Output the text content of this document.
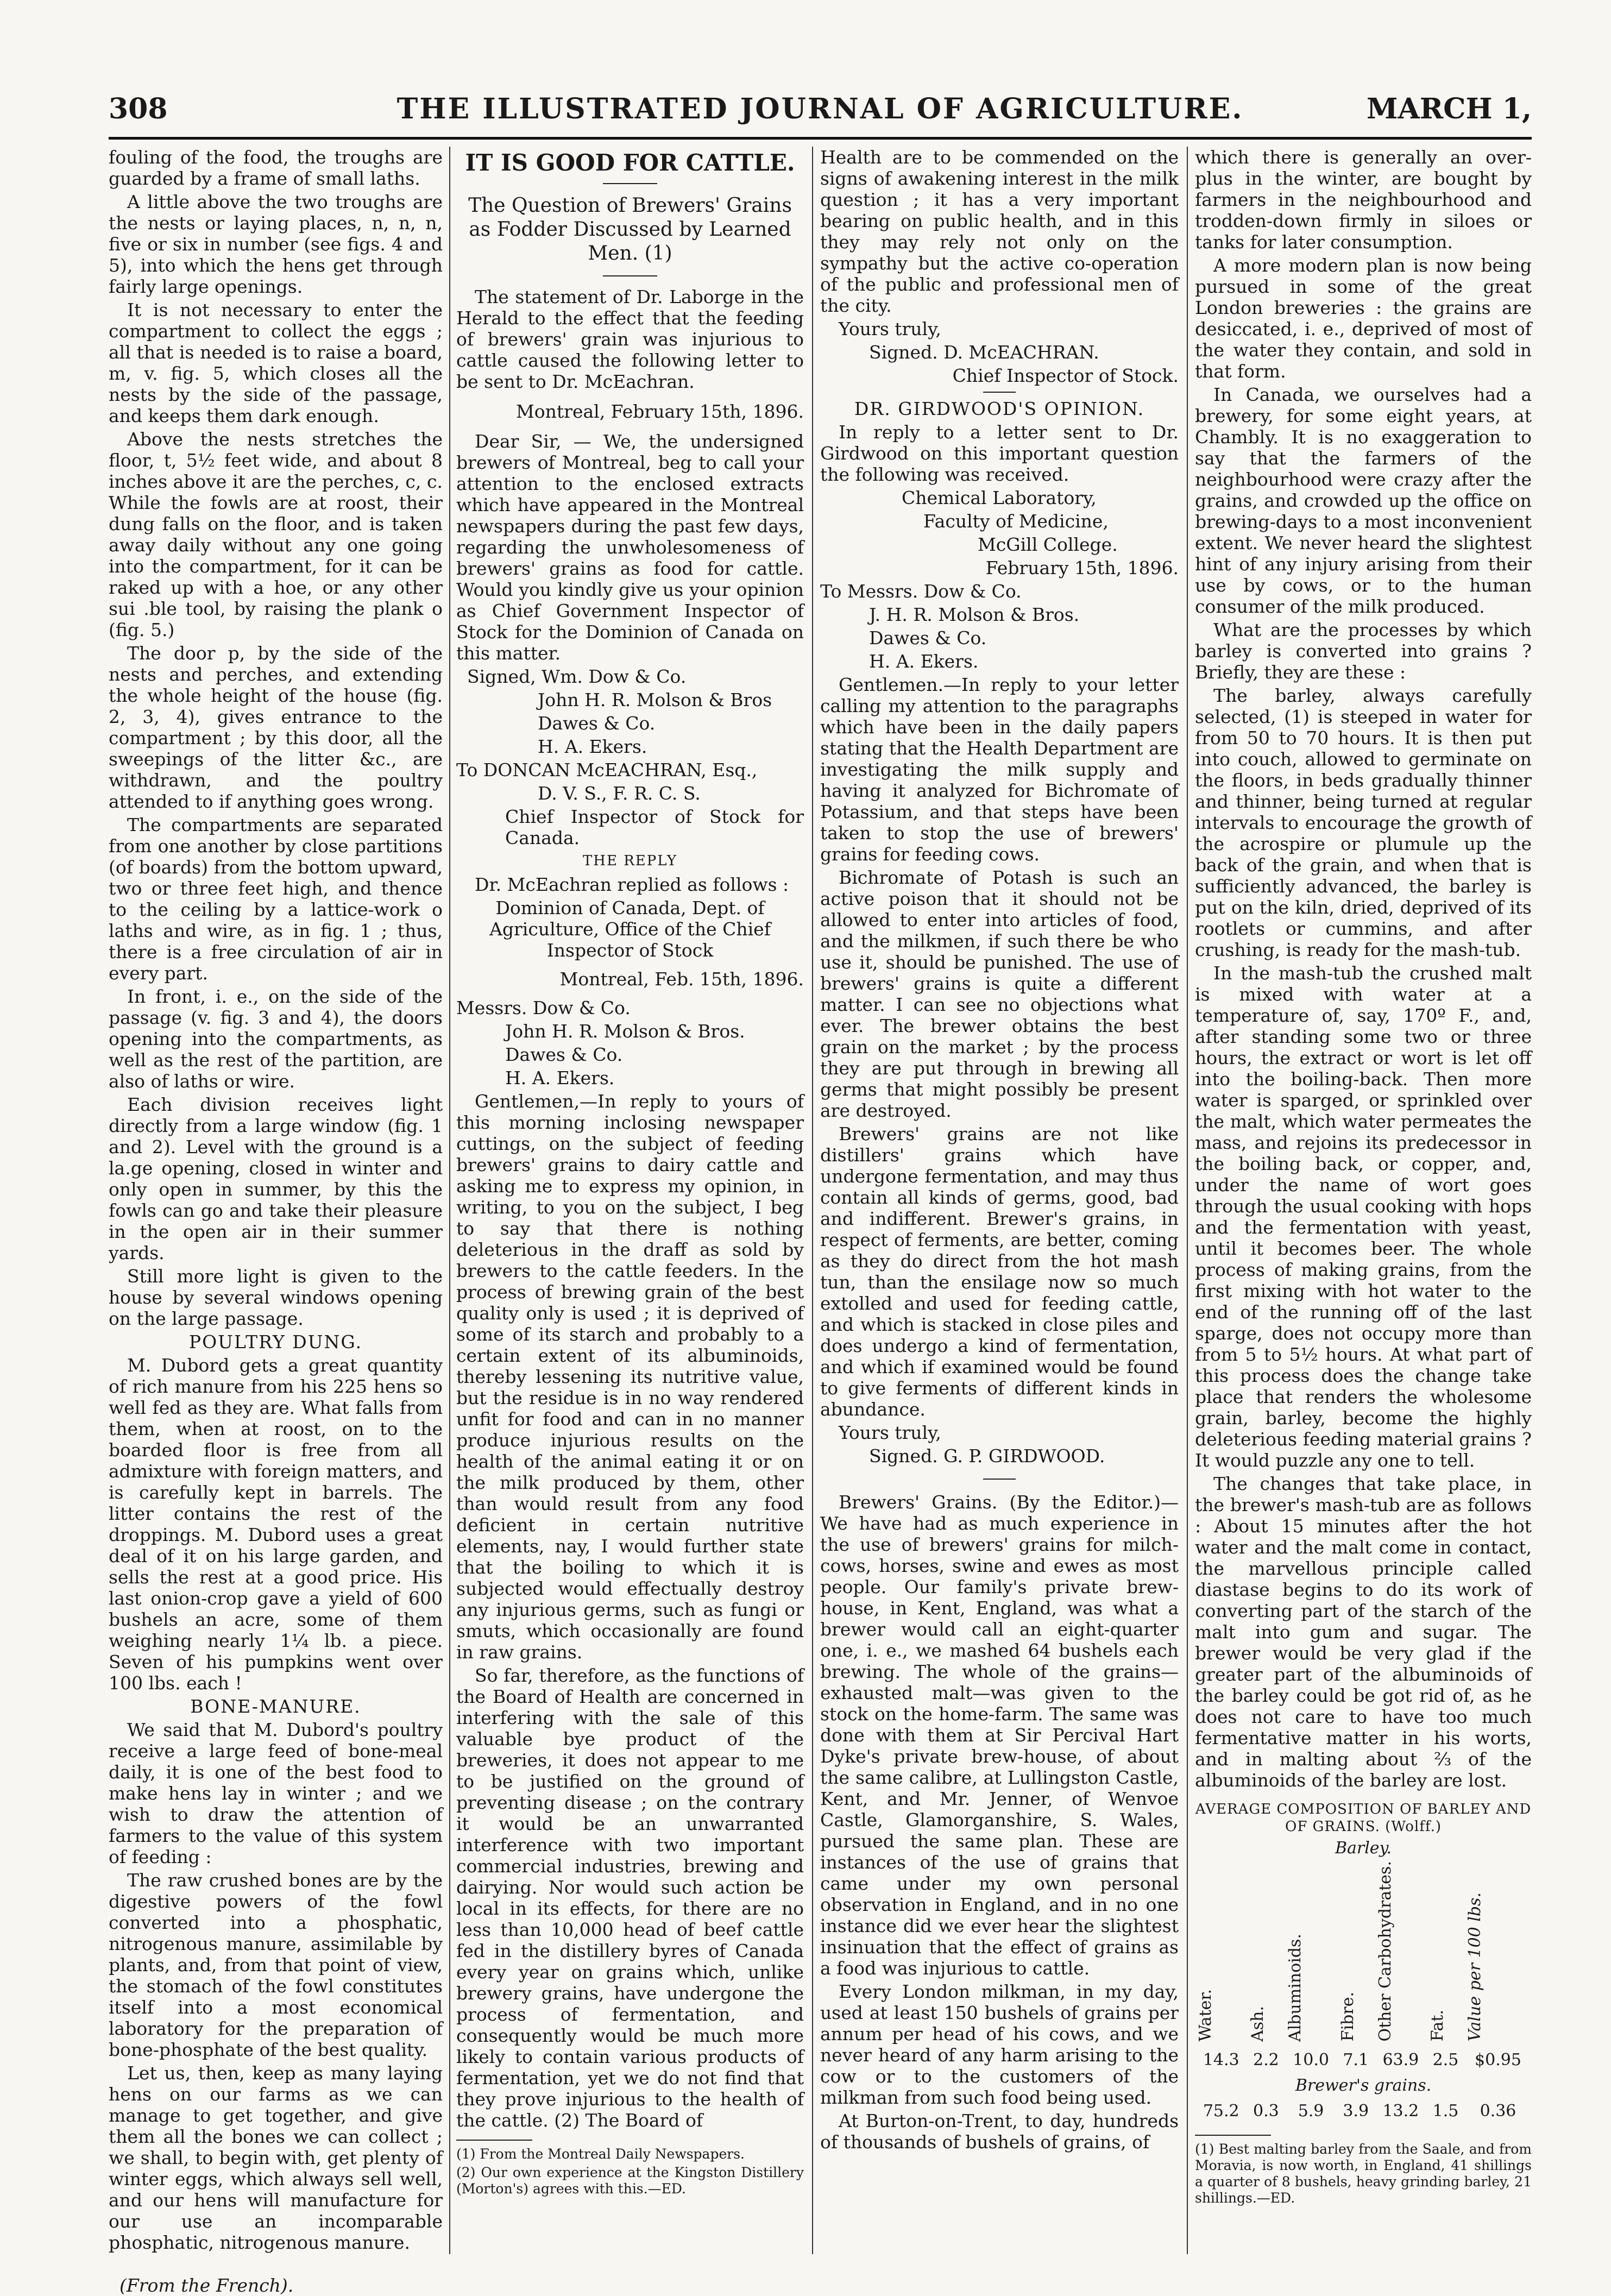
308	THE ILLUSTRATED JOURNAL OF AGRICULTURE.	MARCH 1,

fouling of the food, the troughs are guarded by a frame of small laths.

A little above the two troughs are the nests or laying places, n, n, n, five or six in number (see figs. 4 and 5), into which the hens get through fairly large openings.

It is not necessary to enter the compartment to collect the eggs ; all that is needed is to raise a board, m, v. fig. 5, which closes all the nests by the side of the passage, and keeps them dark enough.

Above the nests stretches the floor, t, 5½ feet wide, and about 8 inches above it are the perches, c, c. While the fowls are at roost, their dung falls on the floor, and is taken away daily without any one going into the compartment, for it can be raked up with a hoe, or any other sui .ble tool, by raising the plank o (fig. 5.)

The door p, by the side of the nests and perches, and extending the whole height of the house (fig. 2, 3, 4), gives entrance to the compartment ; by this door, all the sweepings of the litter &c., are withdrawn, and the poultry attended to if anything goes wrong.

The compartments are separated from one another by close partitions (of boards) from the bottom upward, two or three feet high, and thence to the ceiling by a lattice-work o laths and wire, as in fig. 1 ; thus, there is a free circulation of air in every part.

In front, i. e., on the side of the passage (v. fig. 3 and 4), the doors opening into the compartments, as well as the rest of the partition, are also of laths or wire.

Each division receives light directly from a large window (fig. 1 and 2). Level with the ground is a la.ge opening, closed in winter and only open in summer, by this the fowls can go and take their pleasure in the open air in their summer yards.

Still more light is given to the house by several windows opening on the large passage.

POULTRY DUNG.

M. Dubord gets a great quantity of rich manure from his 225 hens so well fed as they are. What falls from them, when at roost, on to the boarded floor is free from all admixture with foreign matters, and is carefully kept in barrels. The litter contains the rest of the droppings. M. Dubord uses a great deal of it on his large garden, and sells the rest at a good price. His last onion-crop gave a yield of 600 bushels an acre, some of them weighing nearly 1¼ lb. a piece. Seven of his pumpkins went over 100 lbs. each !

BONE-MANURE.

We said that M. Dubord's poultry receive a large feed of bone-meal daily, it is one of the best food to make hens lay in winter ; and we wish to draw the attention of farmers to the value of this system of feeding :

The raw crushed bones are by the digestive powers of the fowl converted into a phosphatic, nitrogenous manure, assimilable by plants, and, from that point of view, the stomach of the fowl constitutes itself into a most economical laboratory for the preparation of bone-phosphate of the best quality.

Let us, then, keep as many laying hens on our farms as we can manage to get together, and give them all the bones we can collect ; we shall, to begin with, get plenty of winter eggs, which always sell well, and our hens will manufacture for our use an incomparable phosphatic, nitrogenous manure.

(From the French).

IT IS GOOD FOR CATTLE.

The Question of Brewers' Grains as Fodder Discussed by Learned Men. (1)

The statement of Dr. Laborge in the Herald to the effect that the feeding of brewers' grain was injurious to cattle caused the following letter to be sent to Dr. McEachran.

Montreal, February 15th, 1896.

Dear Sir, — We, the undersigned brewers of Montreal, beg to call your attention to the enclosed extracts which have appeared in the Montreal newspapers during the past few days, regarding the unwholesomeness of brewers' grains as food for cattle. Would you kindly give us your opinion as Chief Government Inspector of Stock for the Dominion of Canada on this matter.

Signed, Wm. Dow & Co.

John H. R. Molson & Bros

Dawes & Co.

H. A. Ekers.

To DONCAN McEACHRAN, Esq.,

D. V. S., F. R. C. S.

Chief Inspector of Stock for Canada.

THE REPLY

Dr. McEachran replied as follows :

Dominion of Canada, Dept. of Agriculture, Office of the Chief Inspector of Stock

Montreal, Feb. 15th, 1896.

Messrs. Dow & Co.

John H. R. Molson & Bros.

Dawes & Co.

H. A. Ekers.

Gentlemen,—In reply to yours of this morning inclosing newspaper cuttings, on the subject of feeding brewers' grains to dairy cattle and asking me to express my opinion, in writing, to you on the subject, I beg to say that there is nothing deleterious in the draff as sold by brewers to the cattle feeders. In the process of brewing grain of the best quality only is used ; it is deprived of some of its starch and probably to a certain extent of its albuminoids, thereby lessening its nutritive value, but the residue is in no way rendered unfit for food and can in no manner produce injurious results on the health of the animal eating it or on the milk produced by them, other than would result from any food deficient in certain nutritive elements, nay, I would further state that the boiling to which it is subjected would effectually destroy any injurious germs, such as fungi or smuts, which occasionally are found in raw grains.

So far, therefore, as the functions of the Board of Health are concerned in interfering with the sale of this valuable bye product of the breweries, it does not appear to me to be justified on the ground of preventing disease ; on the contrary it would be an unwarranted interference with two important commercial industries, brewing and dairying. Nor would such action be local in its effects, for there are no less than 10,000 head of beef cattle fed in the distillery byres of Canada every year on grains which, unlike brewery grains, have undergone the process of fermentation, and consequently would be much more likely to contain various products of fermentation, yet we do not find that they prove injurious to the health of the cattle. (2) The Board of

(1) From the Montreal Daily Newspapers.

(2) Our own experience at the Kingston Distillery (Morton's) agrees with this.—ED.

Health are to be commended on the signs of awakening interest in the milk question ; it has a very important bearing on public health, and in this they may rely not only on the sympathy but the active co-operation of the public and professional men of the city.

Yours truly,

Signed. D. McEACHRAN.

Chief Inspector of Stock.

DR. GIRDWOOD'S OPINION.

In reply to a letter sent to Dr. Girdwood on this important question the following was received.

Chemical Laboratory,

Faculty of Medicine,

McGill College.

February 15th, 1896.

To Messrs. Dow & Co.

J. H. R. Molson & Bros.

Dawes & Co.

H. A. Ekers.

Gentlemen.—In reply to your letter calling my attention to the paragraphs which have been in the daily papers stating that the Health Department are investigating the milk supply and having it analyzed for Bichromate of Potassium, and that steps have been taken to stop the use of brewers' grains for feeding cows.

Bichromate of Potash is such an active poison that it should not be allowed to enter into articles of food, and the milkmen, if such there be who use it, should be punished. The use of brewers' grains is quite a different matter. I can see no objections what ever. The brewer obtains the best grain on the market ; by the process they are put through in brewing all germs that might possibly be present are destroyed.

Brewers' grains are not like distillers' grains which have undergone fermentation, and may thus contain all kinds of germs, good, bad and indifferent. Brewer's grains, in respect of ferments, are better, coming as they do direct from the hot mash tun, than the ensilage now so much extolled and used for feeding cattle, and which is stacked in close piles and does undergo a kind of fermentation, and which if examined would be found to give ferments of different kinds in abundance.

Yours truly,

Signed. G. P. GIRDWOOD.

Brewers' Grains. (By the Editor.)—We have had as much experience in the use of brewers' grains for milch-cows, horses, swine and ewes as most people. Our family's private brew-house, in Kent, England, was what a brewer would call an eight-quarter one, i. e., we mashed 64 bushels each brewing. The whole of the grains—exhausted malt—was given to the stock on the home-farm. The same was done with them at Sir Percival Hart Dyke's private brew-house, of about the same calibre, at Lullingston Castle, Kent, and Mr. Jenner, of Wenvoe Castle, Glamorganshire, S. Wales, pursued the same plan. These are instances of the use of grains that came under my own personal observation in England, and in no one instance did we ever hear the slightest insinuation that the effect of grains as a food was injurious to cattle.

Every London milkman, in my day, used at least 150 bushels of grains per annum per head of his cows, and we never heard of any harm arising to the cow or to the customers of the milkman from such food being used.

At Burton-on-Trent, to day, hundreds of thousands of bushels of grains, of

which there is generally an over-plus in the winter, are bought by farmers in the neighbourhood and trodden-down firmly in siloes or tanks for later consumption.

A more modern plan is now being pursued in some of the great London breweries : the grains are desiccated, i. e., deprived of most of the water they contain, and sold in that form.

In Canada, we ourselves had a brewery, for some eight years, at Chambly. It is no exaggeration to say that the farmers of the neighbourhood were crazy after the grains, and crowded up the office on brewing-days to a most inconvenient extent. We never heard the slightest hint of any injury arising from their use by cows, or to the human consumer of the milk produced.

What are the processes by which barley is converted into grains ? Briefly, they are these :

The barley, always carefully selected, (1) is steeped in water for from 50 to 70 hours. It is then put into couch, allowed to germinate on the floors, in beds gradually thinner and thinner, being turned at regular intervals to encourage the growth of the acrospire or plumule up the back of the grain, and when that is sufficiently advanced, the barley is put on the kiln, dried, deprived of its rootlets or cummins, and after crushing, is ready for the mash-tub.

In the mash-tub the crushed malt is mixed with water at a temperature of, say, 170º F., and, after standing some two or three hours, the extract or wort is let off into the boiling-back. Then more water is sparged, or sprinkled over the malt, which water permeates the mass, and rejoins its predecessor in the boiling back, or copper, and, under the name of wort goes through the usual cooking with hops and the fermentation with yeast, until it becomes beer. The whole process of making grains, from the first mixing with hot water to the end of the running off of the last sparge, does not occupy more than from 5 to 5½ hours. At what part of this process does the change take place that renders the wholesome grain, barley, become the highly deleterious feeding material grains ? It would puzzle any one to tell.

The changes that take place, in the brewer's mash-tub are as follows : About 15 minutes after the hot water and the malt come in contact, the marvellous principle called diastase begins to do its work of converting part of the starch of the malt into gum and sugar. The brewer would be very glad if the greater part of the albuminoids of the barley could be got rid of, as he does not care to have too much fermentative matter in his worts, and in malting about ⅔ of the albuminoids of the barley are lost.

AVERAGE COMPOSITION OF BARLEY AND OF GRAINS. (Wolff.)
Barley.
Water.	Ash.	Albuminoids.	Fibre.	Other Carbohydrates.	Fat.	Value per 100 lbs.
14.3	2.2	10.0	7.1	63.9	2.5	$0.95
Brewer's grains.						
75.2	0.3	5.9	3.9	13.2	1.5	0.36

(1) Best malting barley from the Saale, and from Moravia, is now worth, in England, 41 shillings a quarter of 8 bushels, heavy grinding barley, 21 shillings.—ED.
